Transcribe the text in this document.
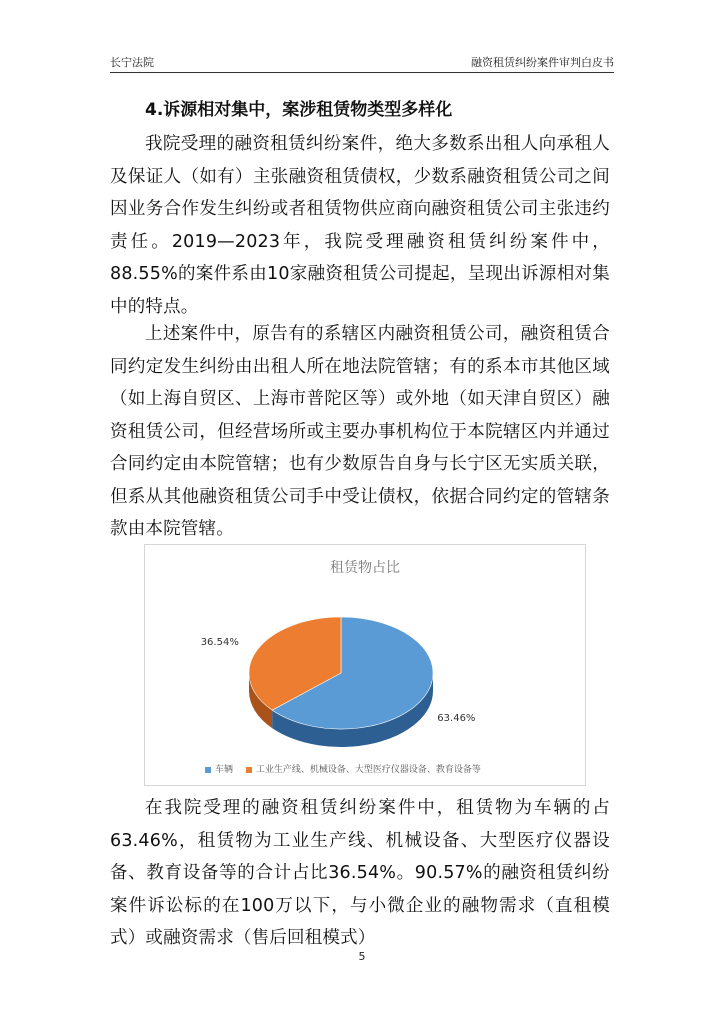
长宁法院	融资租赁纠纷案件审判白皮书
4.诉源相对集中，案涉租赁物类型多样化

我院受理的融资租赁纠纷案件，绝大多数系出租人向承租人及保证人（如有）主张融资租赁债权，少数系融资租赁公司之间因业务合作发生纠纷或者租赁物供应商向融资租赁公司主张违约责任。2019—2023年，我院受理融资租赁纠纷案件中，88.55%的案件系由10家融资租赁公司提起，呈现出诉源相对集中的特点。

上述案件中，原告有的系辖区内融资租赁公司，融资租赁合同约定发生纠纷由出租人所在地法院管辖；有的系本市其他区域（如上海自贸区、上海市普陀区等）或外地（如天津自贸区）融资租赁公司，但经营场所或主要办事机构位于本院辖区内并通过合同约定由本院管辖；也有少数原告自身与长宁区无实质关联，但系从其他融资租赁公司手中受让债权，依据合同约定的管辖条款由本院管辖。

租赁物占比
63.46%
36.54%
车辆	工业生产线、机械设备、大型医疗仪器设备、教育设备等

在我院受理的融资租赁纠纷案件中，租赁物为车辆的占63.46%，租赁物为工业生产线、机械设备、大型医疗仪器设备、教育设备等的合计占比36.54%。90.57%的融资租赁纠纷案件诉讼标的在100万以下，与小微企业的融物需求（直租模式）或融资需求（售后回租模式）

5
